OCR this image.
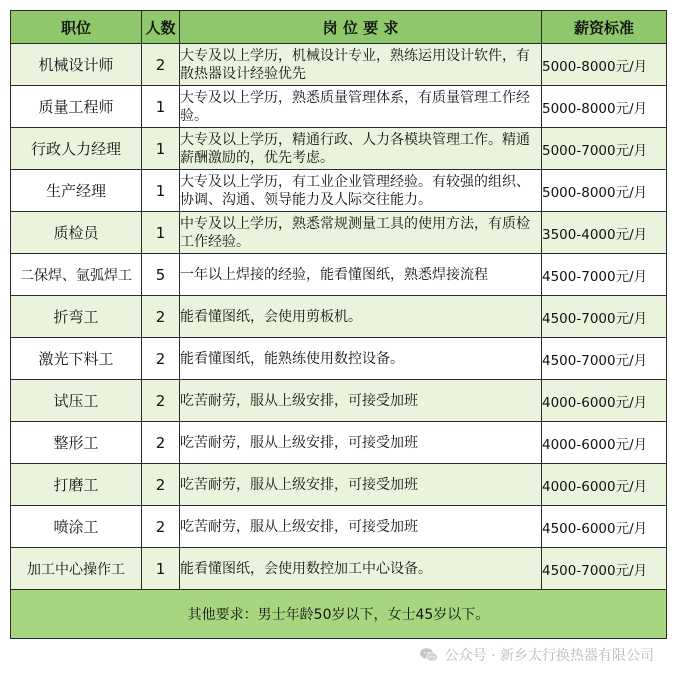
职位	人数	岗 位 要 求	薪资标准
机械设计师	2	大专及以上学历，机械设计专业，熟练运用设计软件，有散热器设计经验优先	5000-8000元/月
质量工程师	1	大专及以上学历，熟悉质量管理体系，有质量管理工作经验。	5000-8000元/月
行政人力经理	1	大专及以上学历，精通行政、人力各模块管理工作。精通薪酬激励的，优先考虑。	5000-7000元/月
生产经理	1	大专及以上学历，有工业企业管理经验。有较强的组织、协调、沟通、领导能力及人际交往能力。	5000-8000元/月
质检员	1	中专及以上学历，熟悉常规测量工具的使用方法，有质检工作经验。	3500-4000元/月
二保焊、氩弧焊工	5	一年以上焊接的经验，能看懂图纸，熟悉焊接流程	4500-7000元/月
折弯工	2	能看懂图纸，会使用剪板机。	4500-7000元/月
激光下料工	2	能看懂图纸，能熟练使用数控设备。	4500-7000元/月
试压工	2	吃苦耐劳，服从上级安排，可接受加班	4000-6000元/月
整形工	2	吃苦耐劳，服从上级安排，可接受加班	4000-6000元/月
打磨工	2	吃苦耐劳，服从上级安排，可接受加班	4000-6000元/月
喷涂工	2	吃苦耐劳，服从上级安排，可接受加班	4500-6000元/月
加工中心操作工	1	能看懂图纸，会使用数控加工中心设备。	4500-7000元/月
其他要求：男士年龄50岁以下，女士45岁以下。			
公众号 · 新乡太行换热器有限公司
